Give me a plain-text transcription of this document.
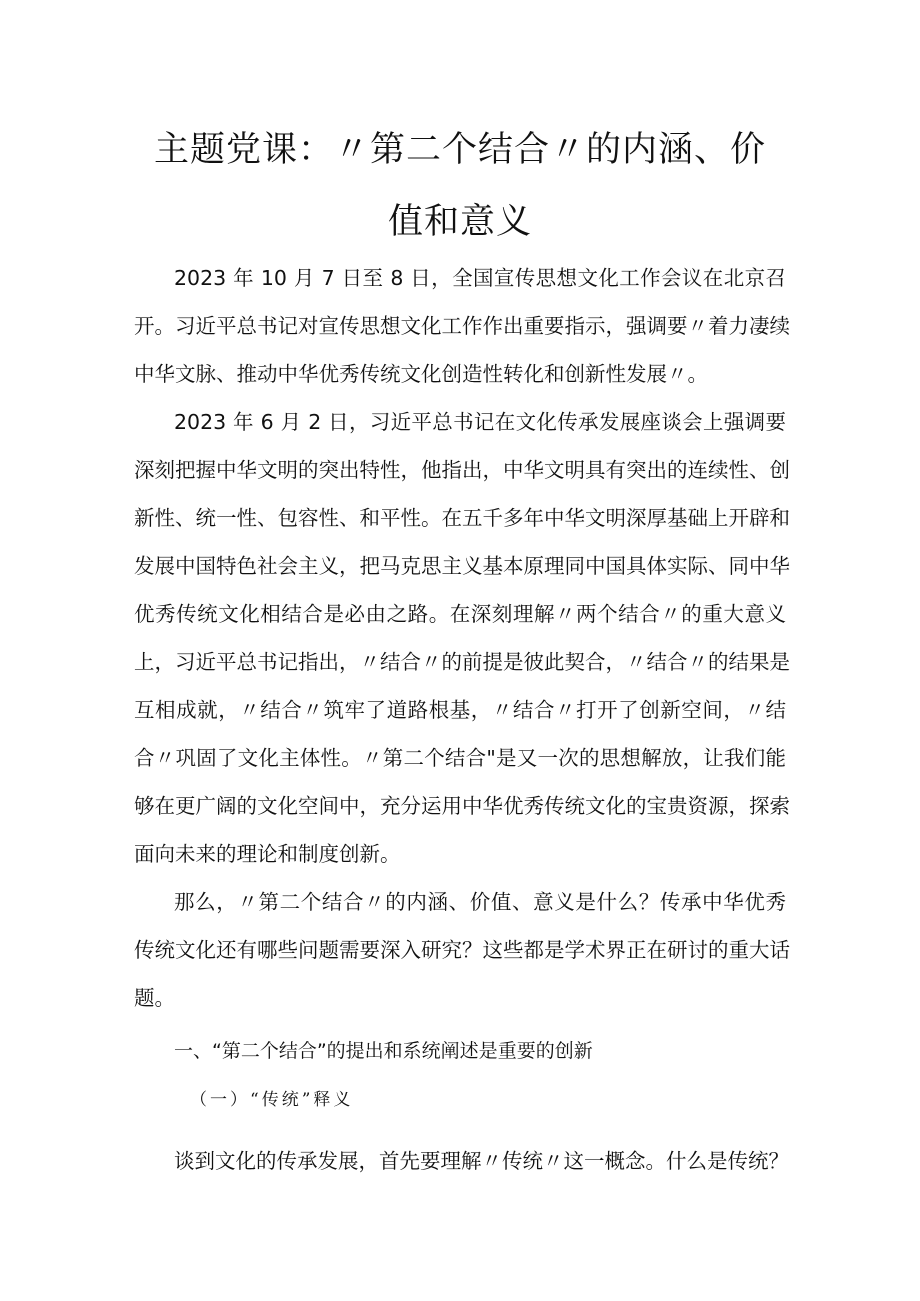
主题党课：〃第二个结合〃的内涵、价
值和意义
2023 年 10 月 7 日至 8 日，全国宣传思想文化工作会议在北京召
开。习近平总书记对宣传思想文化工作作出重要指示，强调要〃着力凄续
中华文脉、推动中华优秀传统文化创造性转化和创新性发展〃。
2023 年 6 月 2 日，习近平总书记在文化传承发展座谈会上强调要
深刻把握中华文明的突出特性，他指出，中华文明具有突出的连续性、创
新性、统一性、包容性、和平性。在五千多年中华文明深厚基础上开辟和
发展中国特色社会主义，把马克思主义基本原理同中国具体实际、同中华
优秀传统文化相结合是必由之路。在深刻理解〃两个结合〃的重大意义
上，习近平总书记指出，〃结合〃的前提是彼此契合，〃结合〃的结果是
互相成就，〃结合〃筑牢了道路根基，〃结合〃打开了创新空间，〃结
合〃巩固了文化主体性。〃第二个结合"是又一次的思想解放，让我们能
够在更广阔的文化空间中，充分运用中华优秀传统文化的宝贵资源，探索
面向未来的理论和制度创新。
那么，〃第二个结合〃的内涵、价值、意义是什么？传承中华优秀
传统文化还有哪些问题需要深入研究？这些都是学术界正在研讨的重大话
题。
一、“第二个结合”的提出和系统阐述是重要的创新
（一）“传统”释义
谈到文化的传承发展，首先要理解〃传统〃这一概念。什么是传统？
